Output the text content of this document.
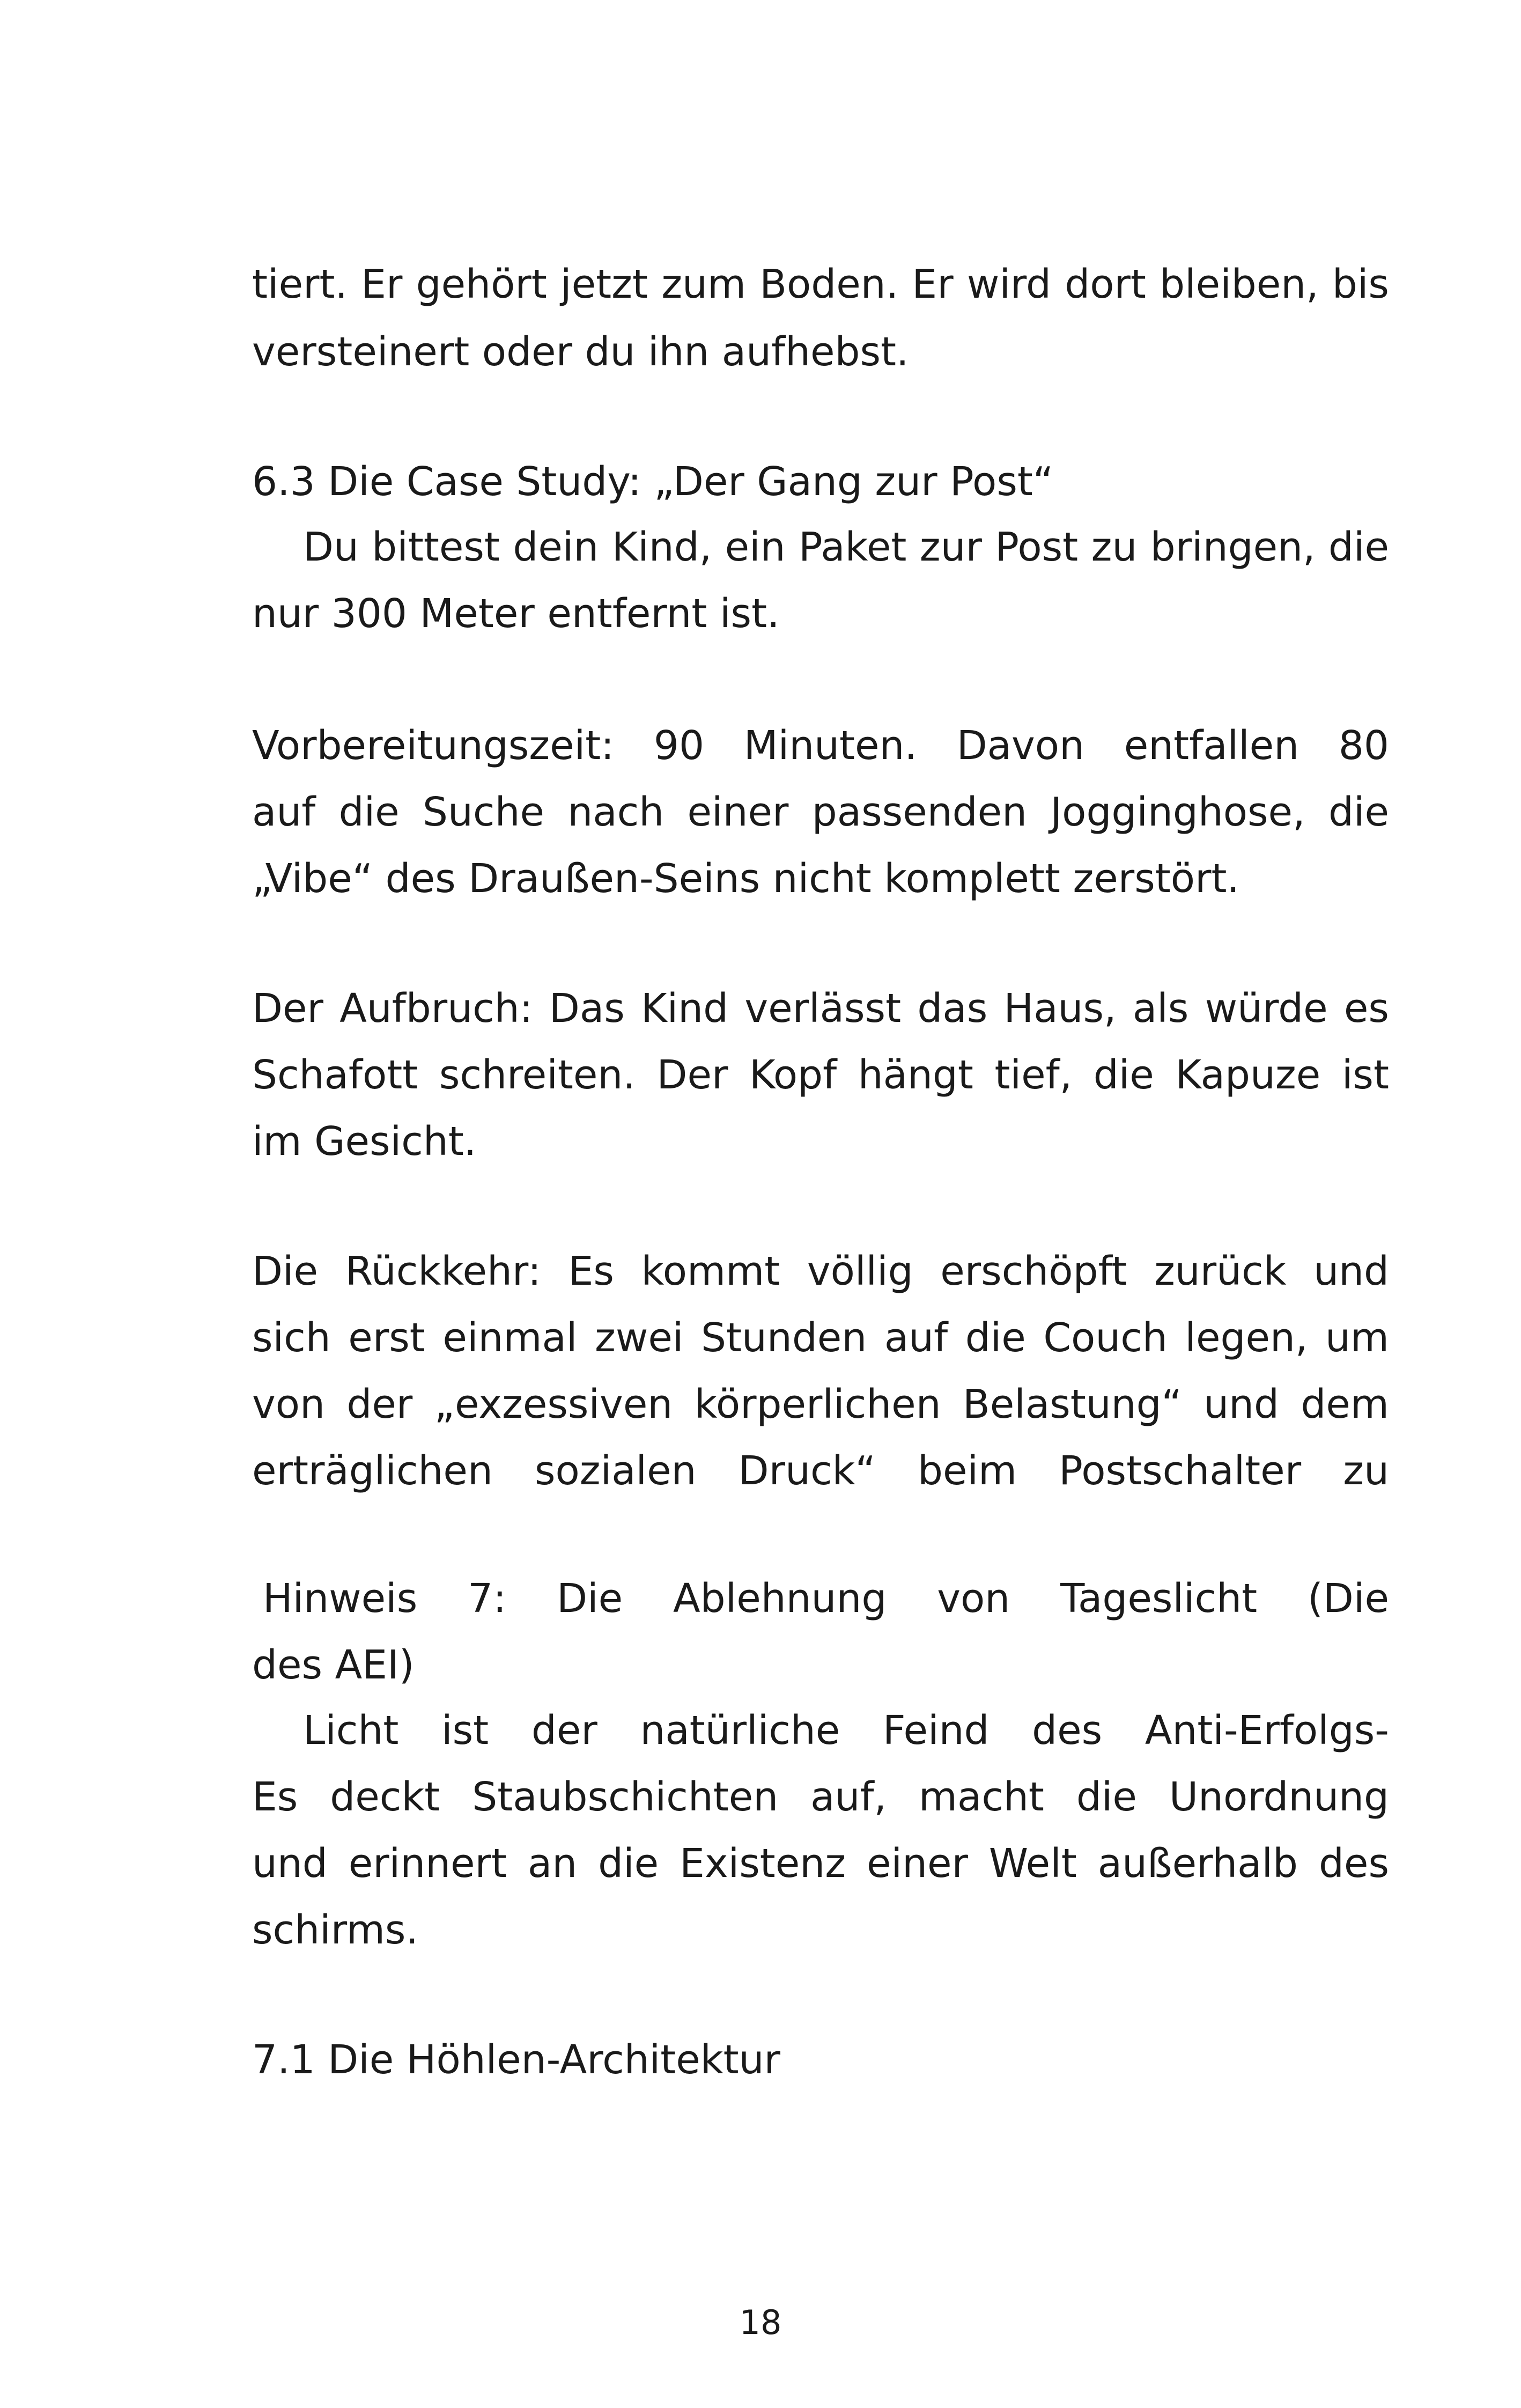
tiert. Er gehört jetzt zum Boden. Er wird dort bleiben, bis

versteinert oder du ihn aufhebst.

6.3 Die Case Study: „Der Gang zur Post“

Du bittest dein Kind, ein Paket zur Post zu bringen, die

nur 300 Meter entfernt ist.

Vorbereitungszeit: 90 Minuten. Davon entfallen 80

auf die Suche nach einer passenden Jogginghose, die

„Vibe“ des Draußen-Seins nicht komplett zerstört.

Der Aufbruch: Das Kind verlässt das Haus, als würde es

Schafott schreiten. Der Kopf hängt tief, die Kapuze ist

im Gesicht.

Die Rückkehr: Es kommt völlig erschöpft zurück und

sich erst einmal zwei Stunden auf die Couch legen, um

von der „exzessiven körperlichen Belastung“ und dem

erträglichen sozialen Druck“ beim Postschalter zu

Hinweis 7: Die Ablehnung von Tageslicht (Die

des AEI)

Licht ist der natürliche Feind des Anti-Erfolgs-

Es deckt Staubschichten auf, macht die Unordnung

und erinnert an die Existenz einer Welt außerhalb des

schirms.

7.1 Die Höhlen-Architektur

18
